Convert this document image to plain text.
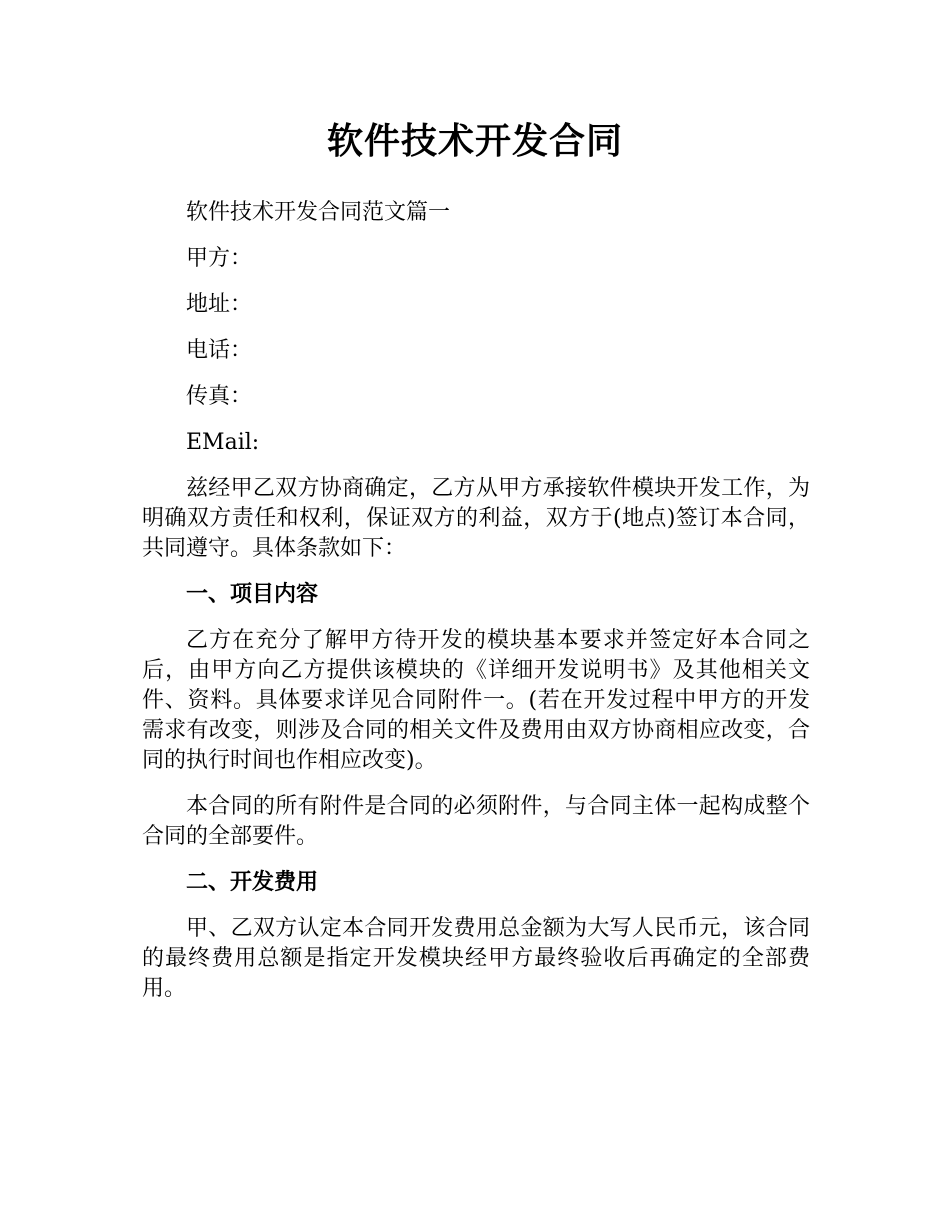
软件技术开发合同

软件技术开发合同范文篇一

甲方：

地址：

电话：

传真：

EMail:

兹经甲乙双方协商确定，乙方从甲方承接软件模块开发工作，为明确双方责任和权利，保证双方的利益，双方于(地点)签订本合同，共同遵守。具体条款如下：

一、项目内容

乙方在充分了解甲方待开发的模块基本要求并签定好本合同之后，由甲方向乙方提供该模块的《详细开发说明书》及其他相关文件、资料。具体要求详见合同附件一。(若在开发过程中甲方的开发需求有改变，则涉及合同的相关文件及费用由双方协商相应改变，合同的执行时间也作相应改变)。

本合同的所有附件是合同的必须附件，与合同主体一起构成整个合同的全部要件。

二、开发费用

甲、乙双方认定本合同开发费用总金额为大写人民币元，该合同的最终费用总额是指定开发模块经甲方最终验收后再确定的全部费用。
